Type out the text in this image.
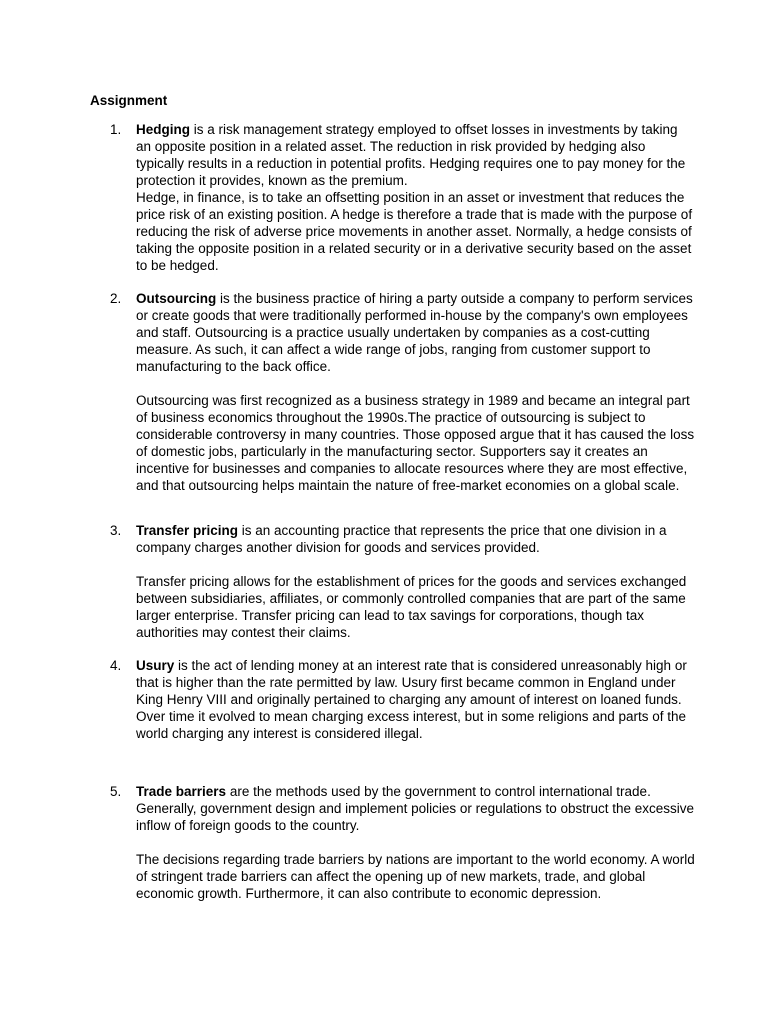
Assignment
1. Hedging is a risk management strategy employed to offset losses in investments by taking an opposite position in a related asset. The reduction in risk provided by hedging also typically results in a reduction in potential profits. Hedging requires one to pay money for the protection it provides, known as the premium.

Hedge, in finance, is to take an offsetting position in an asset or investment that reduces the price risk of an existing position. A hedge is therefore a trade that is made with the purpose of reducing the risk of adverse price movements in another asset. Normally, a hedge consists of taking the opposite position in a related security or in a derivative security based on the asset to be hedged.

2. Outsourcing is the business practice of hiring a party outside a company to perform services or create goods that were traditionally performed in-house by the company's own employees and staff. Outsourcing is a practice usually undertaken by companies as a cost-cutting measure. As such, it can affect a wide range of jobs, ranging from customer support to manufacturing to the back office.

Outsourcing was first recognized as a business strategy in 1989 and became an integral part of business economics throughout the 1990s.The practice of outsourcing is subject to considerable controversy in many countries. Those opposed argue that it has caused the loss of domestic jobs, particularly in the manufacturing sector. Supporters say it creates an incentive for businesses and companies to allocate resources where they are most effective, and that outsourcing helps maintain the nature of free-market economies on a global scale.

3. Transfer pricing is an accounting practice that represents the price that one division in a company charges another division for goods and services provided.

Transfer pricing allows for the establishment of prices for the goods and services exchanged between subsidiaries, affiliates, or commonly controlled companies that are part of the same larger enterprise. Transfer pricing can lead to tax savings for corporations, though tax authorities may contest their claims.

4. Usury is the act of lending money at an interest rate that is considered unreasonably high or that is higher than the rate permitted by law. Usury first became common in England under King Henry VIII and originally pertained to charging any amount of interest on loaned funds. Over time it evolved to mean charging excess interest, but in some religions and parts of the world charging any interest is considered illegal.

5. Trade barriers are the methods used by the government to control international trade. Generally, government design and implement policies or regulations to obstruct the excessive inflow of foreign goods to the country.

The decisions regarding trade barriers by nations are important to the world economy. A world of stringent trade barriers can affect the opening up of new markets, trade, and global economic growth. Furthermore, it can also contribute to economic depression.
